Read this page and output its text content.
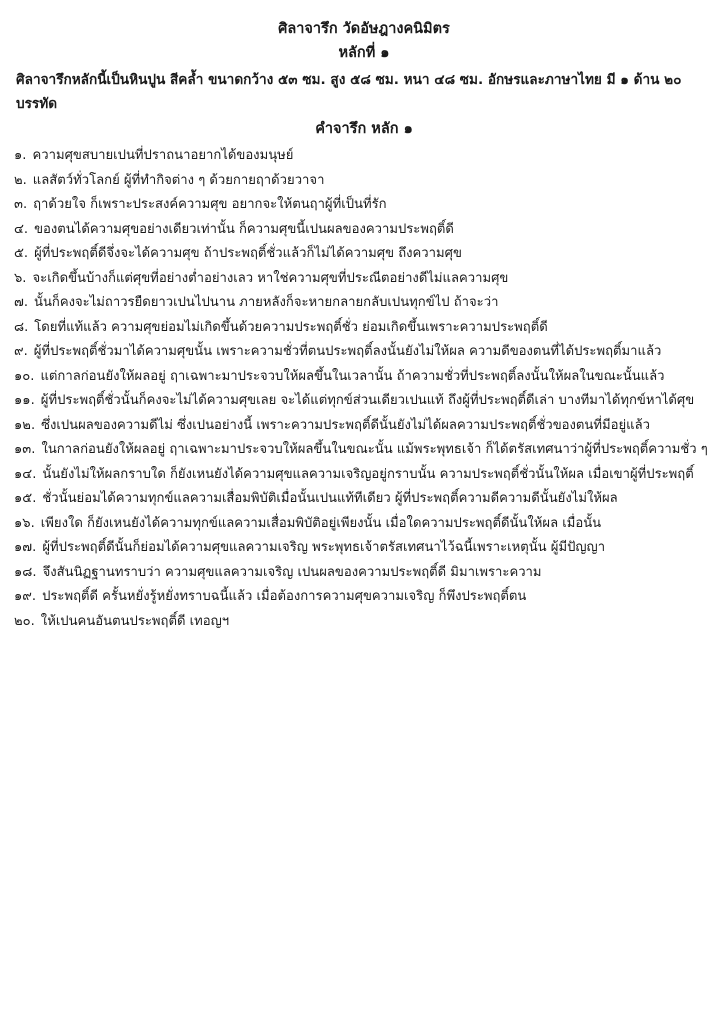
ศิลาจารึก วัดอัษฎางคนิมิตร
หลักที่ ๑

ศิลาจารึกหลักนี้เป็นหินปูน สีคล้ำ ขนาดกว้าง ๕๓ ซม. สูง ๕๘ ซม. หนา ๔๘ ซม. อักษรและภาษาไทย มี ๑ ด้าน ๒๐ บรรทัด

คำจารึก หลัก ๑
๑. ความศุขสบายเปนที่ปราถนาอยากได้ของมนุษย์
๒. แลสัตว์ทั่วโลกย์ ผู้ที่ทำกิจต่าง ๆ ด้วยกายฤาด้วยวาจา
๓. ฤาด้วยใจ ก็เพราะประสงค์ความศุข อยากจะให้ตนฤาผู้ที่เป็นที่รัก
๔. ของตนได้ความศุขอย่างเดียวเท่านั้น ก็ความศุขนี้เปนผลของความประพฤติ์ดี
๕. ผู้ที่ประพฤติ์ดีจึ่งจะได้ความศุข ถ้าประพฤติ์ชั่วแล้วก็ไม่ได้ความศุข ถึงความศุข
๖. จะเกิดขึ้นบ้างก็แต่ศุขที่อย่างต่ำอย่างเลว หาใช่ความศุขที่ประณีตอย่างดีไม่แลความศุข
๗. นั้นก็คงจะไม่ถาวรยืดยาวเปนไปนาน ภายหลังก็จะหายกลายกลับเปนทุกข์ไป ถ้าจะว่า
๘. โดยที่แท้แล้ว ความศุขย่อมไม่เกิดขึ้นด้วยความประพฤติ์ชั่ว ย่อมเกิดขึ้นเพราะความประพฤติ์ดี
๙. ผู้ที่ประพฤติ์ชั่วมาได้ความศุขนั้น เพราะความชั่วที่ตนประพฤติ์ลงนั้นยังไม่ให้ผล ความดีของตนที่ได้ประพฤติ์มาแล้ว
๑๐. แต่กาลก่อนยังให้ผลอยู่ ฤาเฉพาะมาประจวบให้ผลขึ้นในเวลานั้น ถ้าความชั่วที่ประพฤติ์ลงนั้นให้ผลในขณะนั้นแล้ว
๑๑. ผู้ที่ประพฤติ์ชั่วนั้นก็คงจะไม่ได้ความศุขเลย จะได้แต่ทุกข์ส่วนเดียวเปนแท้ ถึงผู้ที่ประพฤติ์ดีเล่า บางทีมาได้ทุกข์หาได้ศุข
๑๒. ซึ่งเปนผลของความดีไม่ ซึ่งเปนอย่างนี้ เพราะความประพฤติ์ดีนั้นยังไม่ได้ผลความประพฤติ์ชั่วของตนที่มีอยู่แล้ว
๑๓. ในกาลก่อนยังให้ผลอยู่ ฤาเฉพาะมาประจวบให้ผลขึ้นในขณะนั้น แม้พระพุทธเจ้า ก็ได้ตรัสเทศนาว่าผู้ที่ประพฤติ์ความชั่ว ๆ
๑๔. นั้นยังไม่ให้ผลกราบใด ก็ยังเหนยังได้ความศุขแลความเจริญอยู่กราบนั้น ความประพฤติ์ชั่วนั้นให้ผล เมื่อเขาผู้ที่ประพฤติ์
๑๕. ชั่วนั้นย่อมได้ความทุกข์แลความเสื่อมพิบัติเมื่อนั้นเปนแท้ทีเดียว ผู้ที่ประพฤติ์ความดีความดีนั้นยังไม่ให้ผล
๑๖. เพียงใด ก็ยังเหนยังได้ความทุกข์แลความเสื่อมพิบัติอยู่เพียงนั้น เมื่อใดความประพฤติ์ดีนั้นให้ผล เมื่อนั้น
๑๗. ผู้ที่ประพฤติ์ดีนั้นก็ย่อมได้ความศุขแลความเจริญ พระพุทธเจ้าตรัสเทศนาไว้ฉนี้เพราะเหตุนั้น ผู้มีปัญญา
๑๘. จึงสันนิฏฐานทราบว่า ความศุขแลความเจริญ เปนผลของความประพฤติ์ดี มิมาเพราะความ
๑๙. ประพฤติ์ดี ครั้นหยั่งรู้หยั่งทราบฉนี้แล้ว เมื่อต้องการความศุขความเจริญ ก็พึงประพฤติ์ตน
๒๐. ให้เปนคนอันตนประพฤติ์ดี เทอญฯ
